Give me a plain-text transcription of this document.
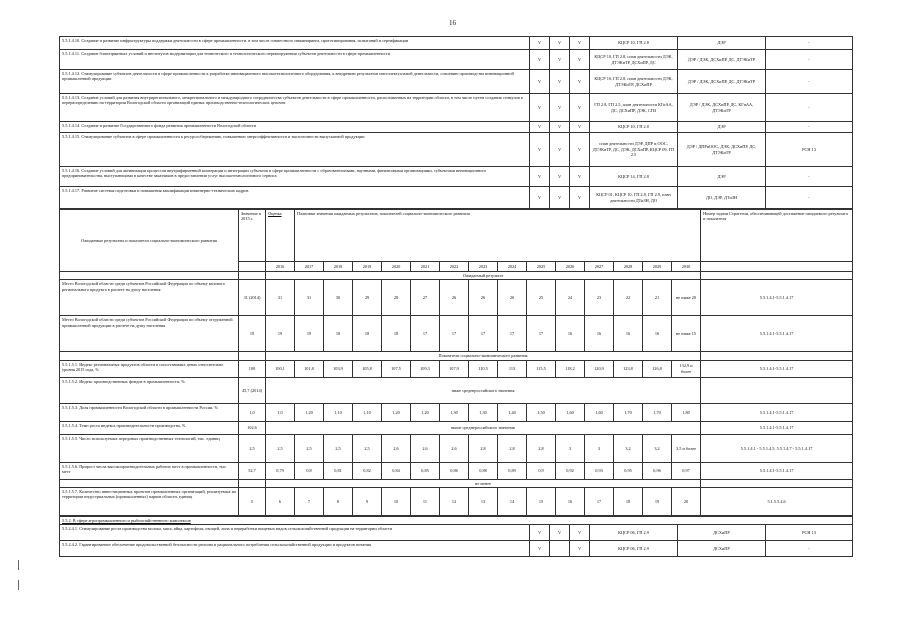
16
5.5.1.4.10. Создание и развитие инфраструктуры поддержки деятельности в сфере промышленности, в том числе совместного инжиниринга, прототипирования, испытаний и сертификации	V	V	V	КЦСР 10, ГП 2.8	ДЭР	-
5.5.1.4.11. Создание благоприятных условий и институтов модернизации для технического и технологического перевооружения субъектов деятельности в сфере промышленности	V	V	V	КЦСР 10, ГП 2.8, план деятельности ДЭК, ДТЭКиТР, ДСХиПР, ДС	ДЭР / ДЭК, ДСХиПР, ДС, ДТЭКиТР	-
5.5.1.4.12. Стимулирование субъектов деятельности в сфере промышленности к разработке инновационного высокотехнологичного оборудования, к внедрению результатов интеллектуальной деятельности, освоению производства инновационной промышленной продукции	V	V	V	КЦСР 10, ГП 2.8, план деятельности ДЭК, ДТЭКиТР, ДСХиПР	ДЭР / ДЭК, ДСХиПР, ДС, ДТЭКиТР	-
5.5.1.4.13. Создание условий для развития внутрирегионального, межрегионального и международного сотрудничества субъектов деятельности в сфере промышленности, расположенных на территории области, в том числе путем создания стимулов к перераспределению на территории Вологодской области организаций единых производственно-технологических цепочек	V	V	V	ГП 2.8, ГП 2.5, план деятельности КГиАА, ДС, ДСХиПР, ДЭК, СПЗ	ДЭР / ДЭК, ДСХиПР, ДС, КГиАА, ДТЭКиТР	-
5.5.1.4.14. Создание и развитие Государственного фонда развития промышленности Вологодской области	V	V	V	КЦСР 10, ГП 2.8	ДЭР	-
5.5.1.4.15. Стимулирование субъектов в сфере промышленности к ресурсосбережению, повышению энергоэффективности и экологичности выпускаемой продукции	V	V	V	план деятельности ДЭР, ДПР и ООС, ДТЭКиТР, ДС, ДЭК, ДСХиПР, КЦСР 09, ГП 2.5	ДЭР / ДПРиООС, ДЭК, ДСХиПР, ДС, ДТЭКиТР	РСН 13
5.5.1.4.16. Создание условий для активизации процессов внутрифирменной кооперации и интеграции субъектов в сфере промышленности с образовательными, научными, финансовыми организациями, субъектами инновационного предпринимательства, выступающими в качестве заказчиков в предоставлении услуг высокотехнологичного сервиса	V	V	V	КЦСР 14, ГП 2.8	ДЭР	-
5.5.1.4.17. Развитие системы подготовки и повышения квалификации инженерно-технических кадров	V	V	V	КЦСР 01, КЦСР 10, ГП 2.8, ГП 2.9, план деятельности ДТиЗН, ДО	ДО, ДЭР, ДТиЗН	-
Ожидаемые результаты и показатели социально-экономического развития	Значение в 2015 г.	Оценка	Плановые значения ожидаемых результатов, показателей социально-экономического развития														Номер задачи Стратегии, обеспечивающей достижение ожидаемого результата и показателя
		2016	2017	2018	2019	2020	2021	2022	2023	2024	2025	2026	2027	2028	2029	2030	
		Ожидаемый результат															
Место Вологодской области среди субъектов Российской Федерации по объему валового регионального продукта в расчете на душу населения	31 (2014)	31	31	30	29	28	27	26	26	26	25	24	23	22	21	не ниже 20	5.5.1.4.1-5.5.1.4.17
Место Вологодской области среди субъектов Российской Федерации по объему отгруженной промышленной продукции в расчете на душу населения	19	19	19	18	18	18	17	17	17	17	17	16	16	16	16	не ниже 15	5.5.1.4.1-5.5.1.4.17
		Показатели социально-экономического развития															
5.5.1.5.1. Индекс региональных продуктов области в сопоставимых ценах относительно уровня 2015 года, %	100	100,1	101,8	103,9	105,8	107,5	109,3	107,9	110,5	113	115,5	118,2	120,9	123,8	126,8	132,9 и более	5.5.1.4.1-5.5.1.4.17
5.5.1.5.2. Индекс производственных фондов в промышленности, %	45,7 (2014)	ниже среднероссийского значения															
5.5.1.5.3. Доля промышленности Вологодской области в промышленности России, %	1,0	1,0	1,20	1,10	1,10	1,20	1,20	1,30	1,30	1,40	1,50	1,60	1,60	1,70	1,70	1,80	5.5.1.4.1-5.5.1.4.17
5.5.1.5.4. Темп роста индекса производительности производства, %	102,6	выше среднероссийского значения															5.5.1.4.1-5.5.1.4.17
5.5.1.5.5. Число используемых передовых производственных технологий, тыс. единиц	2,5	2,5	2,5	2,5	2,5	2,6	2,6	2,6	2,8	2,8	2,8	3	3	3,2	3,2	3,5 и более	5.5.1.4.1 - 5.5.1.4.5, 5.5.1.4.7 - 5.5.1.4.17
5.5.1.5.6. Прирост числа высокопроизводительных рабочих мест в промышленности, тыс. мест	52,7	0,79	0,8	0,81	0,82	0,84	0,85	0,86	0,88	0,89	0,9	0,92	0,93	0,95	0,96	0,97	5.5.1.4.1-5.5.1.4.17
		не менее															
5.5.1.5.7. Количество инвестиционных проектов промышленных организаций, реализуемых на территории индустриальных (промышленных) парков области, единиц	5	6	7	8	9	10	11	12	13	14	15	16	17	18	19	20	5.1.5.5.4.6
5.5.2. В сфере агропромышленного и рыбохозяйственного комплексов						
5.5.2.4.1. Стимулирование роста производства молока, мяса, яйца, картофеля, овощей, льна и переработки пищевых видов сельскохозяйственной продукции на территории области	V	V	V	КЦСР 06, ГП 2.9	ДСХиПР	РСН 13
5.5.2.4.2. Гарантированное обеспечение продовольственной безопасности региона и рационального потребления сельскохозяйственной продукции и продуктов питания	V		V	КЦСР 06, ГП 2.9	ДСХиПР	-
